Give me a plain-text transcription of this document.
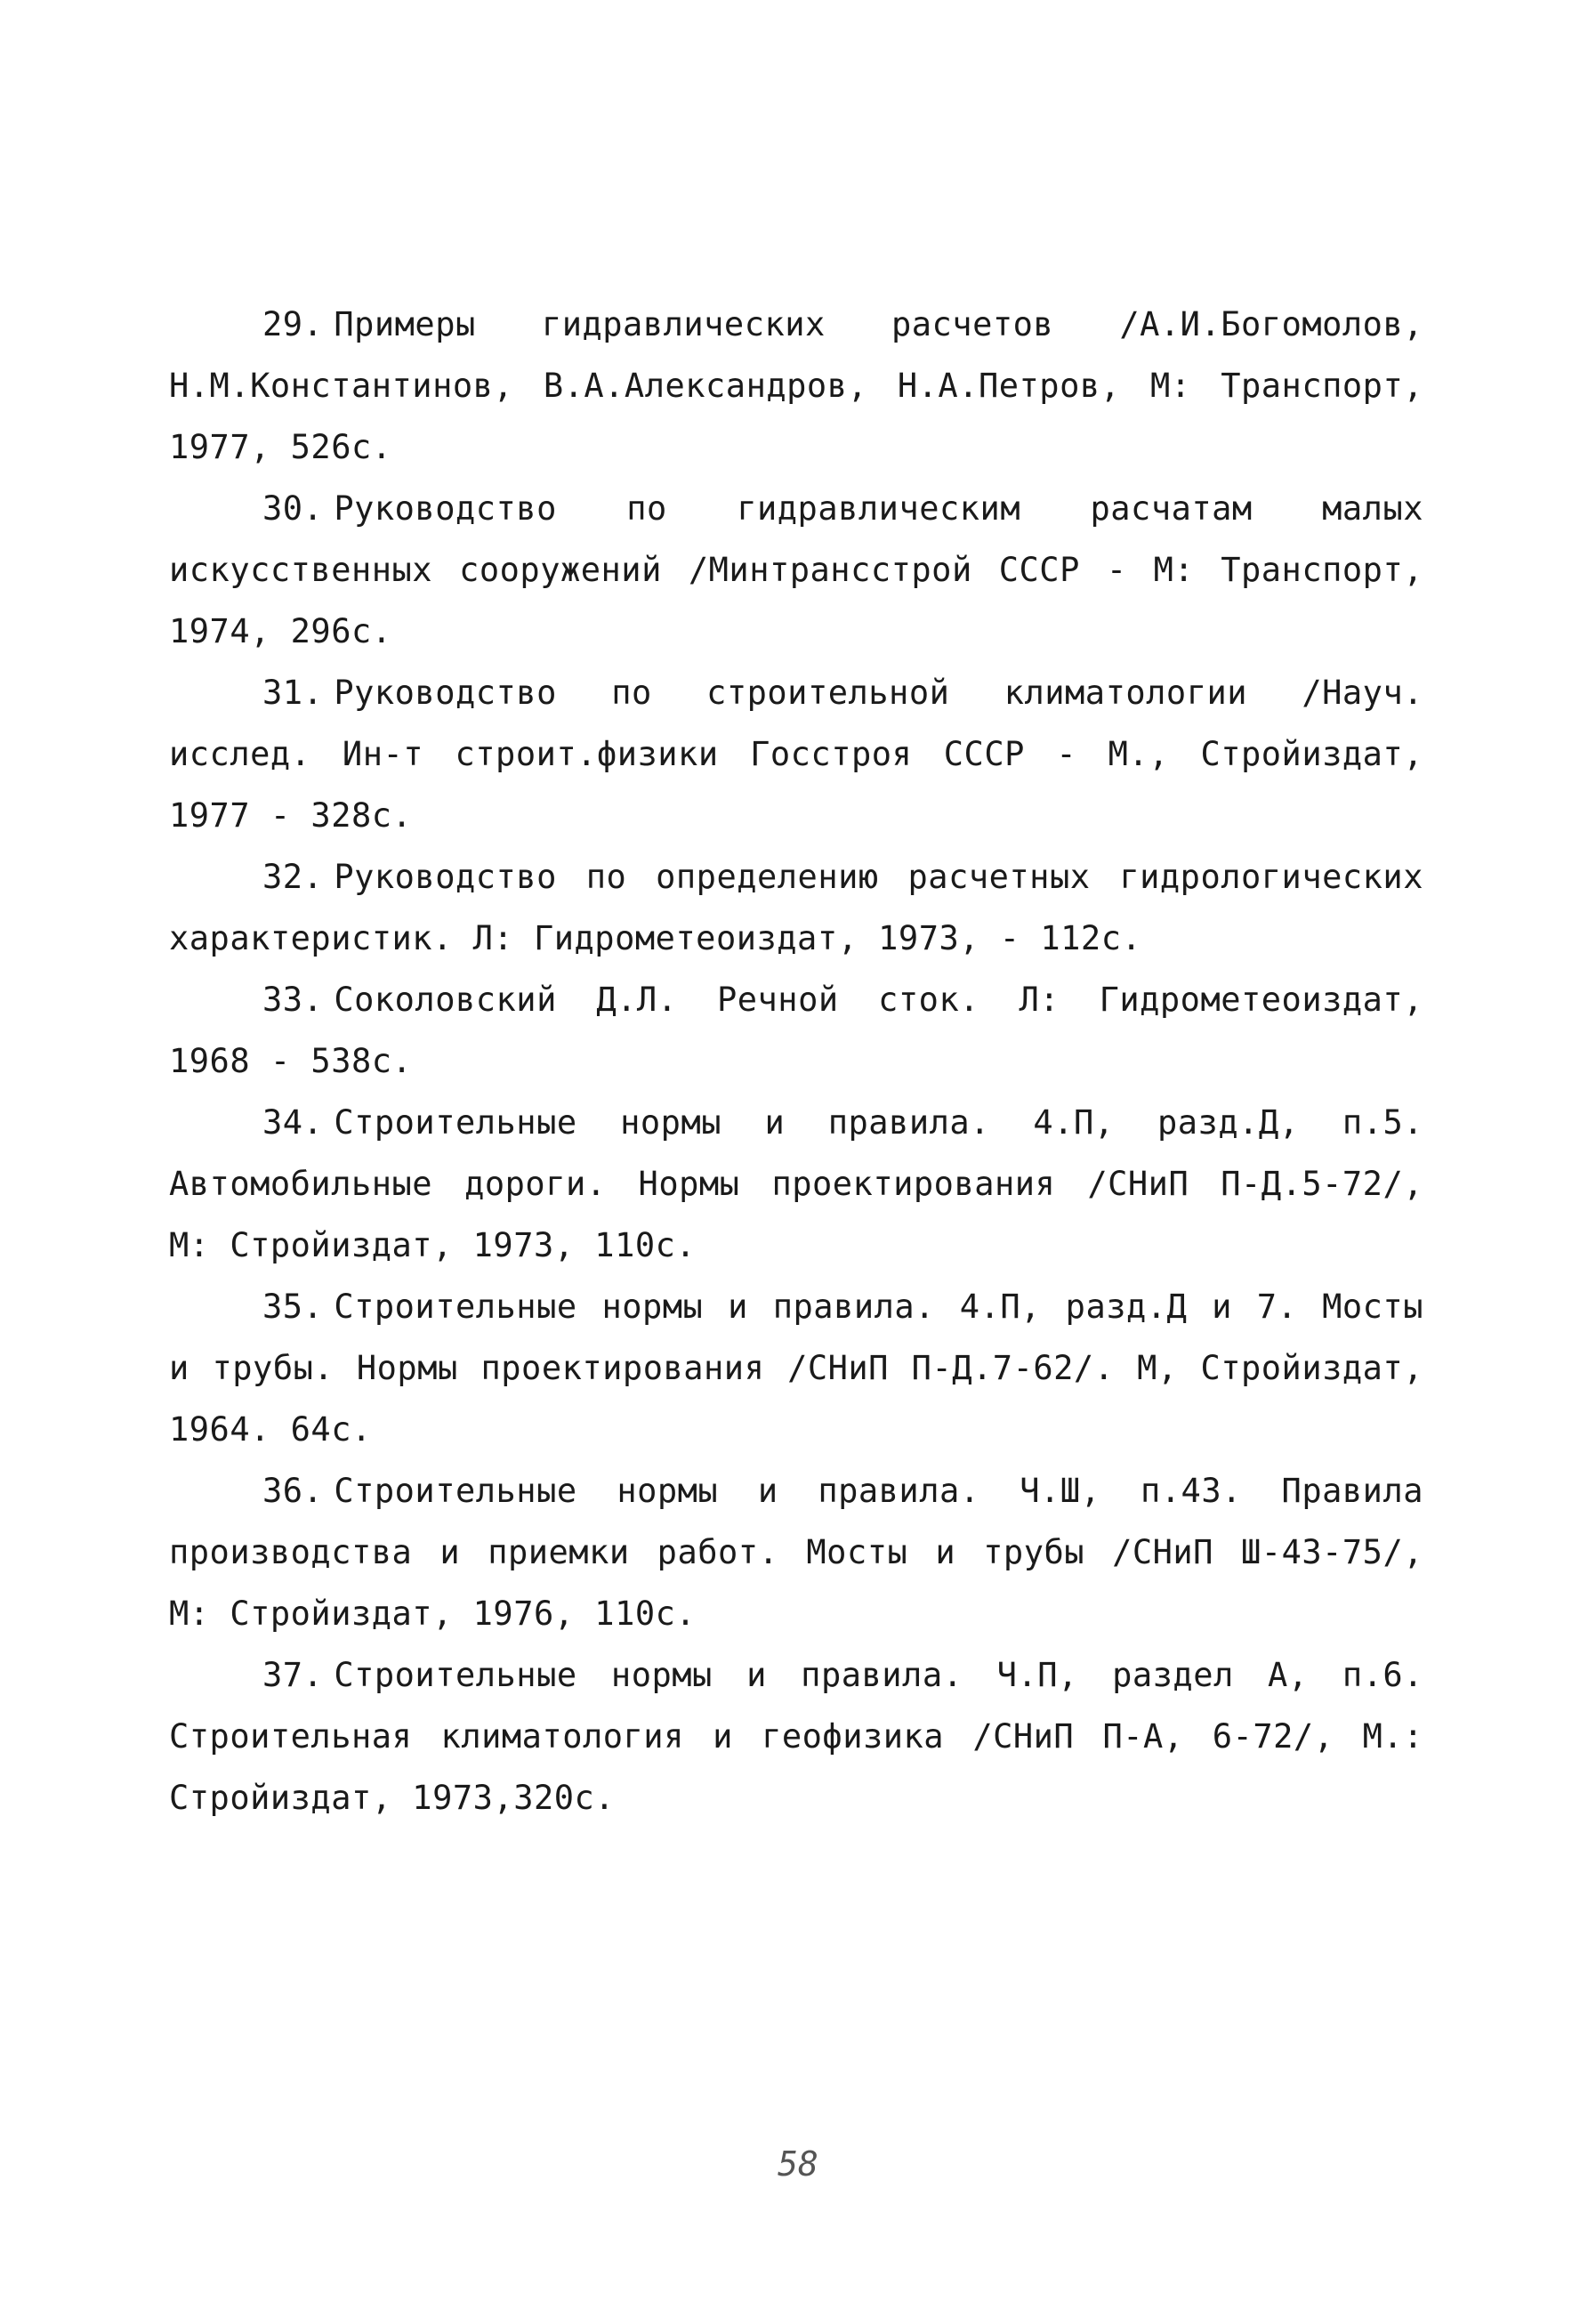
29. Примеры гидравлических расчетов /А.И.Богомолов, Н.М.Константинов, В.А.Александров, Н.А.Петров, М: Транспорт, 1977, 526с.
30. Руководство по гидравлическим расчатам малых искусственных сооружений /Минтрансстрой СССР - М: Транспорт, 1974, 296с.
31. Руководство по строительной климатологии /Науч. исслед. Ин-т строит.физики Госстроя СССР - М., Стройиздат, 1977 - 328с.
32. Руководство по определению расчетных гидрологических характеристик. Л: Гидрометеоиздат, 1973, - 112с.
33. Соколовский Д.Л. Речной сток. Л: Гидрометеоиздат, 1968 - 538с.
34. Строительные нормы и правила. 4.П, разд.Д, п.5. Автомобильные дороги. Нормы проектирования /СНиП П-Д.5-72/, М: Стройиздат, 1973, 110с.
35. Строительные нормы и правила. 4.П, разд.Д и 7. Мосты и трубы. Нормы проектирования /СНиП П-Д.7-62/. М, Стройиздат, 1964. 64с.
36. Строительные нормы и правила. Ч.Ш, п.43. Правила производства и приемки работ. Мосты и трубы /СНиП Ш-43-75/, М: Стройиздат, 1976, 110с.
37. Строительные нормы и правила. Ч.П, раздел А, п.6. Строительная климатология и геофизика /СНиП П-А, 6-72/, М.: Стройиздат, 1973,320с.
58
